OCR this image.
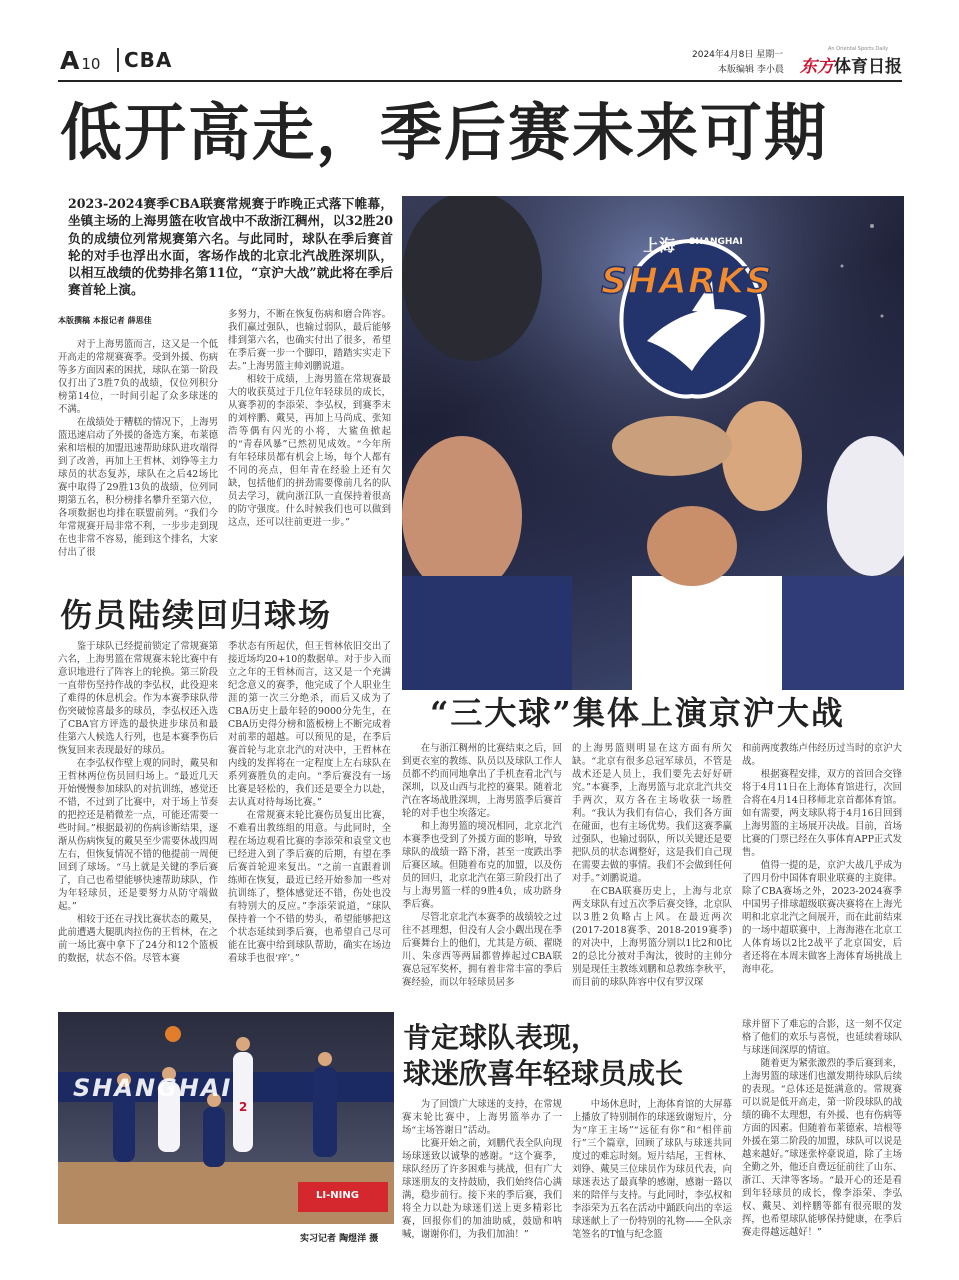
A 10 CBA	2024年4月8日 星期一
本版编辑 李小晨
An Oriental Sports Daily
东方体育日报
低开高走，季后赛未来可期
2023-2024赛季CBA联赛常规赛于昨晚正式落下帷幕，坐镇主场的上海男篮在收官战中不敌浙江稠州，以32胜20负的成绩位列常规赛第六名。与此同时，球队在季后赛首轮的对手也浮出水面，客场作战的北京北汽战胜深圳队，以相互战绩的优势排名第11位，“京沪大战”就此将在季后赛首轮上演。
本版撰稿 本报记者 薛思佳

对于上海男篮而言，这又是一个低开高走的常规赛赛季。受到外援、伤病等多方面因素的困扰，球队在第一阶段仅打出了3胜7负的战绩，仅位列积分榜第14位，一时间引起了众多球迷的不满。

在战绩处于糟糕的情况下，上海男篮迅速启动了外援的备选方案，布莱德索和培根的加盟迅速帮助球队进攻端得到了改善，再加上王哲林、刘铮等主力球员的状态复苏，球队在之后42场比赛中取得了29胜13负的战绩，位列同期第五名，积分榜排名攀升至第六位，各项数据也均排在联盟前列。“我们今年常规赛开局非常不利，一步步走到现在也非常不容易，能到这个排名，大家付出了很

多努力，不断在恢复伤病和磨合阵容。我们赢过强队，也输过弱队，最后能够排到第六名，也确实付出了很多，希望在季后赛一步一个脚印，踏踏实实走下去。”上海男篮主帅刘鹏说道。

相较于成绩，上海男篮在常规赛最大的收获莫过于几位年轻球员的成长，从赛季初的李添荣、李弘权，到赛季末的刘梓鹏、戴昊，再加上马尚成、张知浩等偶有闪光的小将，大鲨鱼掀起的“青春风暴”已然初见成效。“今年所有年轻球员都有机会上场，每个人都有不同的亮点，但年青在经验上还有欠缺，包括他们的拼劲需要像前几名的队员去学习，就向浙江队一直保持着很高的防守强度。什么时候我们也可以做到这点，还可以往前更进一步。”

上海 SHANGHAI
SHARKS
伤员陆续回归球场

鉴于球队已经提前锁定了常规赛第六名，上海男篮在常规赛末轮比赛中有意识地进行了阵容上的轮换。第三阶段一直带伤坚持作战的李弘权，此役迎来了难得的休息机会。作为本赛季球队带伤突破惊喜最多的球员，李弘权还入选了CBA官方评选的最快进步球员和最佳第六人候选人行列，也是本赛季伤后恢复回来表现最好的球员。

在李弘权作壁上观的同时，戴昊和王哲林两位伤员回归场上。“最近几天开始慢慢参加球队的对抗训练，感觉还不错，不过到了比赛中，对于场上节奏的把控还是稍微差一点，可能还需要一些时间。”根据最初的伤病诊断结果，逐渐从伤病恢复的戴昊至少需要休战四周左右，但恢复情况不错的他提前一周便回到了球场。“马上就是关键的季后赛了，自己也希望能够快速帮助球队，作为年轻球员，还是要努力从防守端做起。”

相较于还在寻找比赛状态的戴昊，此前遭遇大腿肌肉拉伤的王哲林，在之前一场比赛中拿下了24分和12个篮板的数据，状态不俗。尽管本赛

季状态有所起伏，但王哲林依旧交出了接近场均20+10的数据单。对于步入而立之年的王哲林而言，这又是一个充满纪念意义的赛季，他完成了个人职业生涯的第一次三分绝杀，而后又成为了CBA历史上最年轻的9000分先生，在CBA历史得分榜和篮板榜上不断完成着对前辈的超越。可以预见的是，在季后赛首轮与北京北汽的对决中，王哲林在内线的发挥将在一定程度上左右球队在系列赛胜负的走向。“季后赛没有一场比赛是轻松的，我们还是要全力以赴，去认真对待每场比赛。”

在常规赛末轮比赛伤员复出比赛，不难看出教练组的用意。与此同时，全程在场边观看比赛的李添荣和袁堂文也已经进入到了季后赛的后期，有望在季后赛首轮迎来复出。“之前一直跟着训练师在恢复，最近已经开始参加一些对抗训练了，整体感觉还不错，伤处也没有特别大的反应。”李添荣说道，“球队保持着一个不错的势头，希望能够把这个状态延续到季后赛，也希望自己尽可能在比赛中给到球队帮助，确实在场边看球手也很‘痒’。”

“三大球”集体上演京沪大战

在与浙江稠州的比赛结束之后，回到更衣室的教练、队员以及球队工作人员都不约而同地拿出了手机查看北汽与深圳，以及山西与北控的赛果。随着北汽在客场战胜深圳，上海男篮季后赛首轮的对手也尘埃落定。

和上海男篮的境况相同，北京北汽本赛季也受到了外援方面的影响，导致球队的战绩一路下滑，甚至一度跌出季后赛区域。但随着布克的加盟，以及伤员的回归，北京北汽在第三阶段打出了与上海男篮一样的9胜4负，成功跻身季后赛。

尽管北京北汽本赛季的战绩较之过往不甚理想，但没有人会小觑出现在季后赛舞台上的他们，尤其是方硕、翟晓川、朱彦西等两届都曾捧起过CBA联赛总冠军奖杯，拥有着非常丰富的季后赛经验，而以年轻球员居多

的上海男篮则明显在这方面有所欠缺。“北京有很多总冠军球员，不管是战术还是人员上，我们要先去好好研究。”本赛季，上海男篮与北京北汽共交手两次，双方各在主场收获一场胜利。“我认为我们有信心，我们各方面在碰面，也有主场优势。我们这赛季赢过强队，也输过弱队，所以关键还是要把队员的状态调整好，这是我们自己现在需要去做的事情。我们不会做到任何对手。”刘鹏说道。

在CBA联赛历史上，上海与北京两支球队有过五次季后赛交锋，北京队以3胜2负略占上风。在最近两次(2017-2018赛季、2018-2019赛季)的对决中，上海男篮分别以1比2和0比2的总比分被对手淘汰，彼时的主帅分别是现任主教练刘鹏和总教练李秋平，而目前的球队阵容中仅有罗汉琛

和前两度教练卢伟经历过当时的京沪大战。

根据赛程安排，双方的首回合交锋将于4月11日在上海体育馆进行，次回合将在4月14日移师北京首都体育馆。如有需要，两支球队将于4月16日回到上海男篮的主场展开决战。目前，首场比赛的门票已经在久事体育APP正式发售。

值得一提的是，京沪大战几乎成为了四月份中国体育职业联赛的主旋律。除了CBA赛场之外，2023-2024赛季中国男子排球超级联赛决赛将在上海光明和北京北汽之间展开，而在此前结束的一场中超联赛中，上海海港在北京工人体育场以2比2战平了北京国安，后者还将在本周末做客上海体育场挑战上海申花。

SHANGHAI
2
LI-NING
实习记者 陶煜洋 摄
肯定球队表现，
球迷欣喜年轻球员成长

为了回馈广大球迷的支持，在常规赛末轮比赛中，上海男篮举办了一场“主场答谢日”活动。

比赛开始之前，刘鹏代表全队向现场球迷致以诚挚的感谢。“这个赛季，球队经历了许多困难与挑战，但有广大球迷朋友的支持鼓励，我们始终信心满满，稳步前行。接下来的季后赛，我们将全力以赴为球迷们送上更多精彩比赛，回报你们的加油助威，鼓励和呐喊，谢谢你们，为我们加油！”

中场休息时，上海体育馆的大屏幕上播放了特别制作的球迷致谢短片，分为“庠王主场”“远征有你”和“相伴前行”三个篇章，回顾了球队与球迷共同度过的难忘时刻。短片结尾，王哲林、刘铮、戴昊三位球员作为球员代表，向球迷表达了最真挚的感谢，感谢一路以来的陪伴与支持。与此同时，李弘权和李添荣为五名在活动中踊跃向出的幸运球迷献上了一份特别的礼物——全队亲笔签名的T恤与纪念篮

球并留下了难忘的合影，这一刻不仅定格了他们的欢乐与喜悦，也延续着球队与球迷间深厚的情谊。

随着更为紧张激烈的季后赛到来，上海男篮的球迷们也激发期待球队后续的表现。“总体还是挺满意的。常规赛可以说是低开高走，第一阶段球队的战绩的确不太理想，有外援、也有伤病等方面的因素。但随着布莱德索、培根等外援在第二阶段的加盟，球队可以说是越来越好。”球迷张梓豪说道，除了主场全勤之外，他还自费远征前往了山东、浙江、天津等客场。“最开心的还是看到年轻球员的成长，像李添荣、李弘权、戴昊、刘梓鹏等都有很亮眼的发挥，也希望球队能够保持健康，在季后赛走得越远越好！”
